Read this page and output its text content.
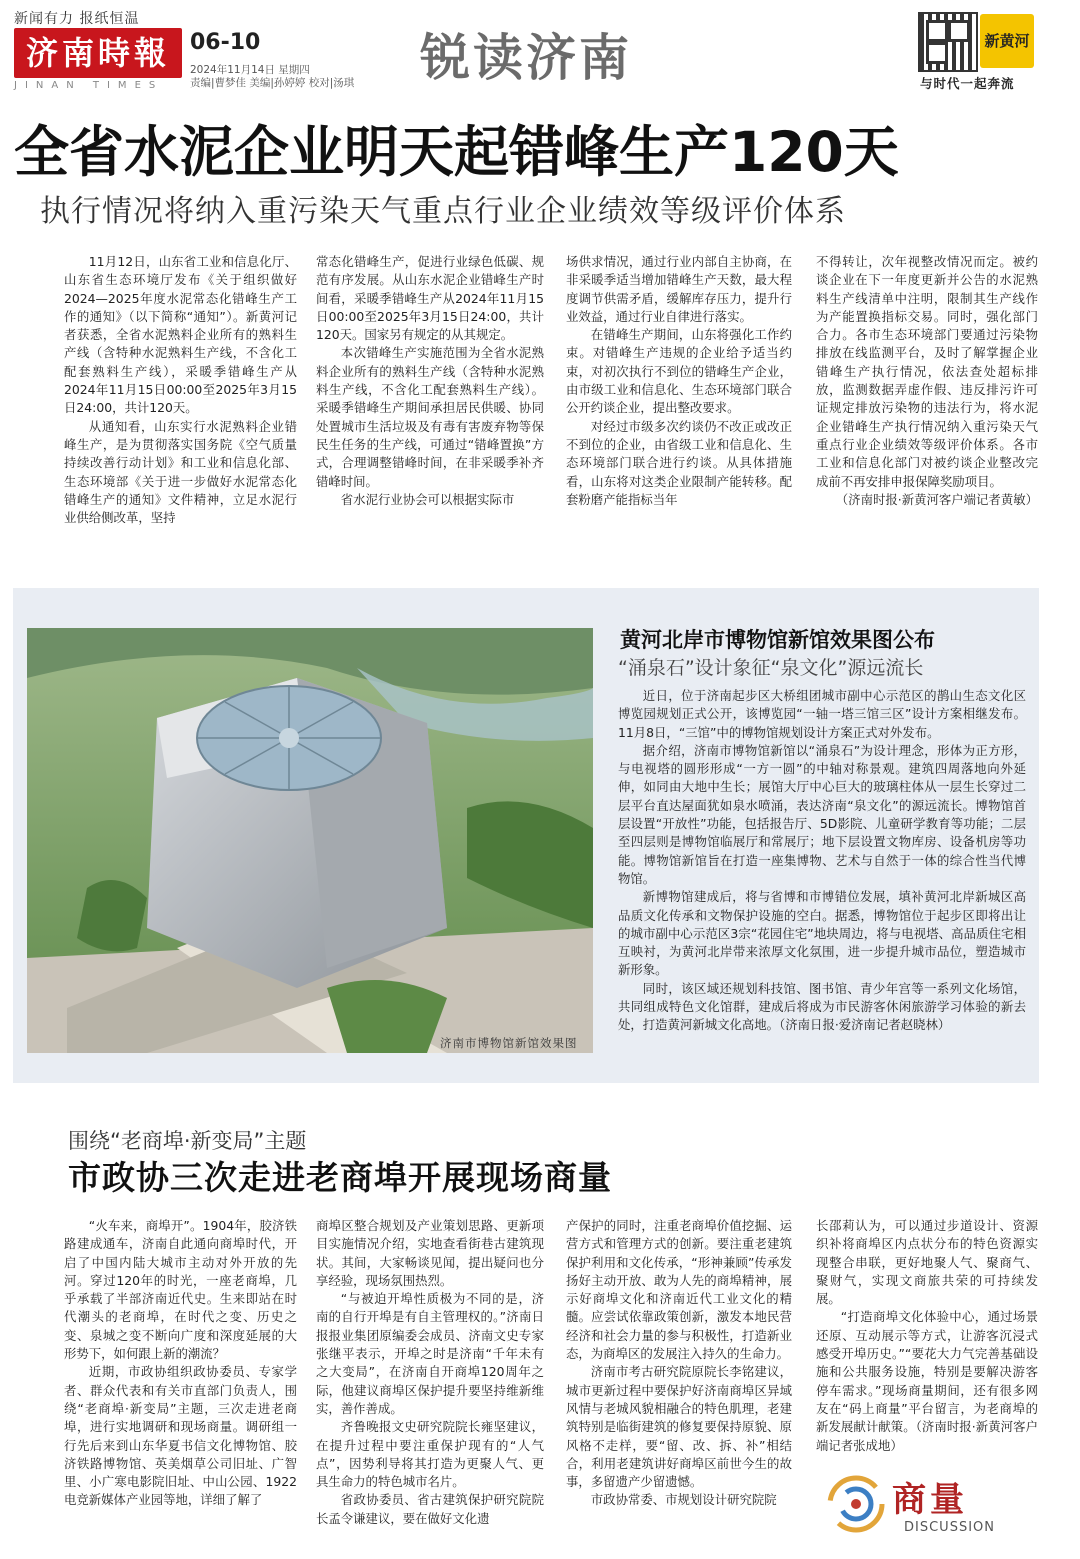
新闻有力 报纸恒温
济南時報
JINAN TIMES
06-10
2024年11月14日 星期四
责编|曹梦佳 美编|孙婷婷 校对|汤琪 锐读济南	新黄河
与时代一起奔流
全省水泥企业明天起错峰生产120天
执行情况将纳入重污染天气重点行业企业绩效等级评价体系

11月12日，山东省工业和信息化厅、山东省生态环境厅发布《关于组织做好2024—2025年度水泥常态化错峰生产工作的通知》（以下简称“通知”）。新黄河记者获悉，全省水泥熟料企业所有的熟料生产线（含特种水泥熟料生产线，不含化工配套熟料生产线），采暖季错峰生产从2024年11月15日00:00至2025年3月15日24:00，共计120天。

从通知看，山东实行水泥熟料企业错峰生产，是为贯彻落实国务院《空气质量持续改善行动计划》和工业和信息化部、生态环境部《关于进一步做好水泥常态化错峰生产的通知》文件精神，立足水泥行业供给侧改革，坚持

常态化错峰生产，促进行业绿色低碳、规范有序发展。从山东水泥企业错峰生产时间看，采暖季错峰生产从2024年11月15日00:00至2025年3月15日24:00，共计120天。国家另有规定的从其规定。

本次错峰生产实施范围为全省水泥熟料企业所有的熟料生产线（含特种水泥熟料生产线，不含化工配套熟料生产线）。采暖季错峰生产期间承担居民供暖、协同处置城市生活垃圾及有毒有害废弃物等保民生任务的生产线，可通过“错峰置换”方式，合理调整错峰时间，在非采暖季补齐错峰时间。

省水泥行业协会可以根据实际市

场供求情况，通过行业内部自主协商，在非采暖季适当增加错峰生产天数，最大程度调节供需矛盾，缓解库存压力，提升行业效益，通过行业自律进行落实。

在错峰生产期间，山东将强化工作约束。对错峰生产违规的企业给予适当约束，对初次执行不到位的错峰生产企业，由市级工业和信息化、生态环境部门联合公开约谈企业，提出整改要求。

对经过市级多次约谈仍不改正或改正不到位的企业，由省级工业和信息化、生态环境部门联合进行约谈。从具体措施看，山东将对这类企业限制产能转移。配套粉磨产能指标当年

不得转让，次年视整改情况而定。被约谈企业在下一年度更新并公告的水泥熟料生产线清单中注明，限制其生产线作为产能置换指标交易。同时，强化部门合力。各市生态环境部门要通过污染物排放在线监测平台，及时了解掌握企业错峰生产执行情况，依法查处超标排放，监测数据弄虚作假、违反排污许可证规定排放污染物的违法行为，将水泥企业错峰生产执行情况纳入重污染天气重点行业企业绩效等级评价体系。各市工业和信息化部门对被约谈企业整改完成前不再安排申报保障奖励项目。

（济南时报·新黄河客户端记者黄敏）

济南市博物馆新馆效果图
黄河北岸市博物馆新馆效果图公布
“涌泉石”设计象征“泉文化”源远流长

近日，位于济南起步区大桥组团城市副中心示范区的鹊山生态文化区博览园规划正式公开，该博览园“一轴一塔三馆三区”设计方案相继发布。11月8日，“三馆”中的博物馆规划设计方案正式对外发布。

据介绍，济南市博物馆新馆以“涌泉石”为设计理念，形体为正方形，与电视塔的圆形形成“一方一圆”的中轴对称景观。建筑四周落地向外延伸，如同由大地中生长；展馆大厅中心巨大的玻璃柱体从一层生长穿过二层平台直达屋面犹如泉水喷涌，表达济南“泉文化”的源远流长。博物馆首层设置“开放性”功能，包括报告厅、5D影院、儿童研学教育等功能；二层至四层则是博物馆临展厅和常展厅；地下层设置文物库房、设备机房等功能。博物馆新馆旨在打造一座集博物、艺术与自然于一体的综合性当代博物馆。

新博物馆建成后，将与省博和市博错位发展，填补黄河北岸新城区高品质文化传承和文物保护设施的空白。据悉，博物馆位于起步区即将出让的城市副中心示范区3宗“花园住宅”地块周边，将与电视塔、高品质住宅相互映衬，为黄河北岸带来浓厚文化氛围，进一步提升城市品位，塑造城市新形象。

同时，该区域还规划科技馆、图书馆、青少年宫等一系列文化场馆，共同组成特色文化馆群，建成后将成为市民游客休闲旅游学习体验的新去处，打造黄河新城文化高地。（济南日报·爱济南记者赵晓林）

围绕“老商埠·新变局”主题
市政协三次走进老商埠开展现场商量

“火车来，商埠开”。1904年，胶济铁路建成通车，济南自此通向商埠时代，开启了中国内陆大城市主动对外开放的先河。穿过120年的时光，一座老商埠，几乎承载了半部济南近代史。生来即站在时代潮头的老商埠，在时代之变、历史之变、泉城之变不断向广度和深度延展的大形势下，如何跟上新的潮流？

近期，市政协组织政协委员、专家学者、群众代表和有关市直部门负责人，围绕“老商埠·新变局”主题，三次走进老商埠，进行实地调研和现场商量。调研组一行先后来到山东华夏书信文化博物馆、胶济铁路博物馆、英美烟草公司旧址、广智里、小广寒电影院旧址、中山公园、1922电竞新媒体产业园等地，详细了解了

商埠区整合规划及产业策划思路、更新项目实施情况介绍，实地查看街巷古建筑现状。其间，大家畅谈见闻，提出疑问也分享经验，现场氛围热烈。

“与被迫开埠性质极为不同的是，济南的自行开埠是有自主管理权的。”济南日报报业集团原编委会成员、济南文史专家张继平表示，开埠之时是济南“千年未有之大变局”，在济南自开商埠120周年之际，他建议商埠区保护提升要坚持维新维实，善作善成。

齐鲁晚报文史研究院院长雍坚建议，在提升过程中要注重保护现有的“人气点”，因势利导将其打造为更聚人气、更具生命力的特色城市名片。

省政协委员、省古建筑保护研究院院长孟令谦建议，要在做好文化遗

产保护的同时，注重老商埠价值挖掘、运营方式和管理方式的创新。要注重老建筑保护利用和文化传承，“形神兼顾”传承发扬好主动开放、敢为人先的商埠精神，展示好商埠文化和济南近代工业文化的精髓。应尝试依靠政策创新，激发本地民营经济和社会力量的参与积极性，打造新业态，为商埠区的发展注入持久的生命力。

济南市考古研究院原院长李铭建议，城市更新过程中要保护好济南商埠区异域风情与老城风貌相融合的特色肌理，老建筑特别是临街建筑的修复要保持原貌、原风格不走样，要“留、改、拆、补”相结合，利用老建筑讲好商埠区前世今生的故事，多留遗产少留遗憾。

市政协常委、市规划设计研究院院

长邵莉认为，可以通过步道设计、资源织补将商埠区内点状分布的特色资源实现整合串联，更好地聚人气、聚商气、聚财气，实现文商旅共荣的可持续发展。

“打造商埠文化体验中心，通过场景还原、互动展示等方式，让游客沉浸式感受开埠历史。”“要花大力气完善基础设施和公共服务设施，特别是要解决游客停车需求。”现场商量期间，还有很多网友在“码上商量”平台留言，为老商埠的新发展献计献策。（济南时报·新黄河客户端记者张成地）

商量
DISCUSSION
